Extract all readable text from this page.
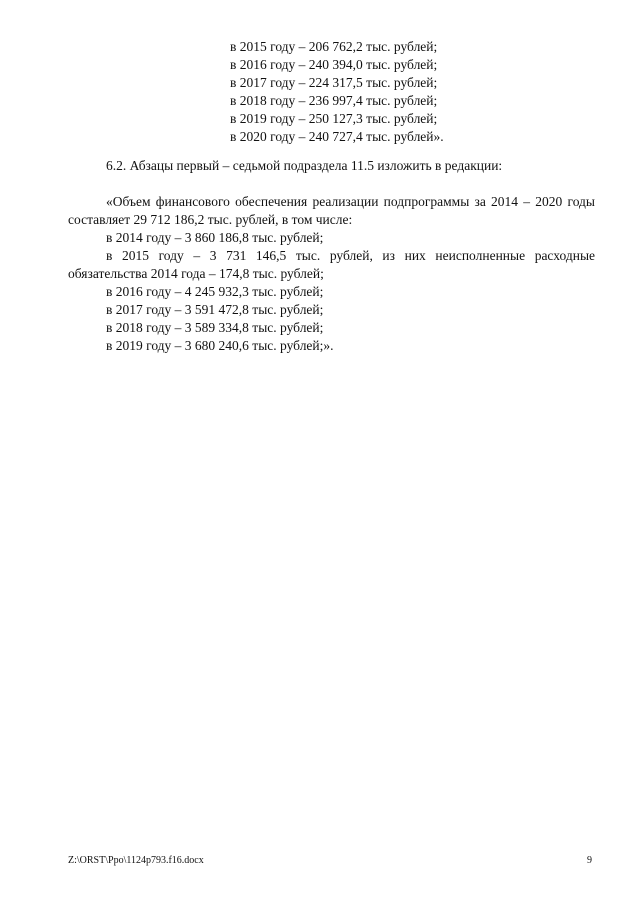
в 2015 году – 206 762,2 тыс. рублей;
в 2016 году – 240 394,0 тыс. рублей;
в 2017 году – 224 317,5 тыс. рублей;
в 2018 году – 236 997,4 тыс. рублей;
в 2019 году – 250 127,3 тыс. рублей;
в 2020 году – 240 727,4 тыс. рублей».
6.2. Абзацы первый – седьмой подраздела 11.5 изложить в редакции:

«Объем финансового обеспечения реализации подпрограммы за 2014 – 2020 годы составляет 29 712 186,2 тыс. рублей, в том числе:

в 2014 году – 3 860 186,8 тыс. рублей;

в 2015 году – 3 731 146,5 тыс. рублей, из них неисполненные расходные обязательства 2014 года – 174,8 тыс. рублей;

в 2016 году – 4 245 932,3 тыс. рублей;
в 2017 году – 3 591 472,8 тыс. рублей;
в 2018 году – 3 589 334,8 тыс. рублей;
в 2019 году – 3 680 240,6 тыс. рублей;».
Z:\ORST\Ppo\1124p793.f16.docx	9
